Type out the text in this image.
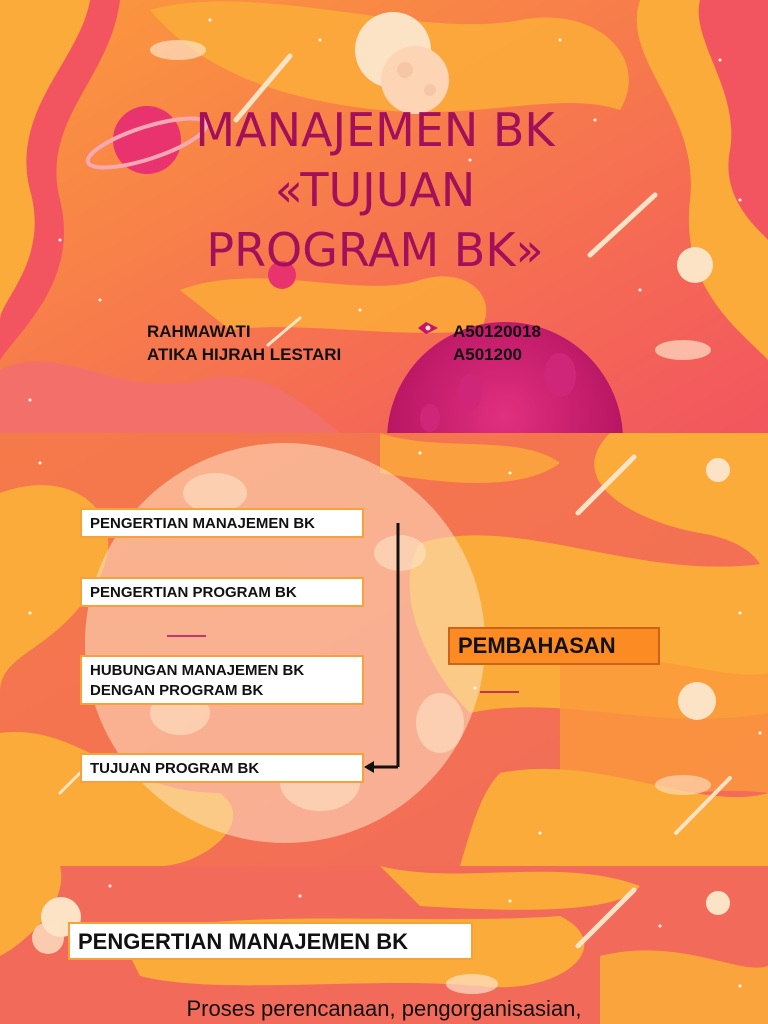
MANAJEMEN BK
«TUJUAN
PROGRAM BK»
RAHMAWATI
ATIKA HIJRAH LESTARI
A50120018
A501200
PENGERTIAN MANAJEMEN BK
PENGERTIAN PROGRAM BK
HUBUNGAN MANAJEMEN BK DENGAN PROGRAM BK
TUJUAN PROGRAM BK
PEMBAHASAN
PENGERTIAN MANAJEMEN BK
Proses perencanaan, pengorganisasian,
